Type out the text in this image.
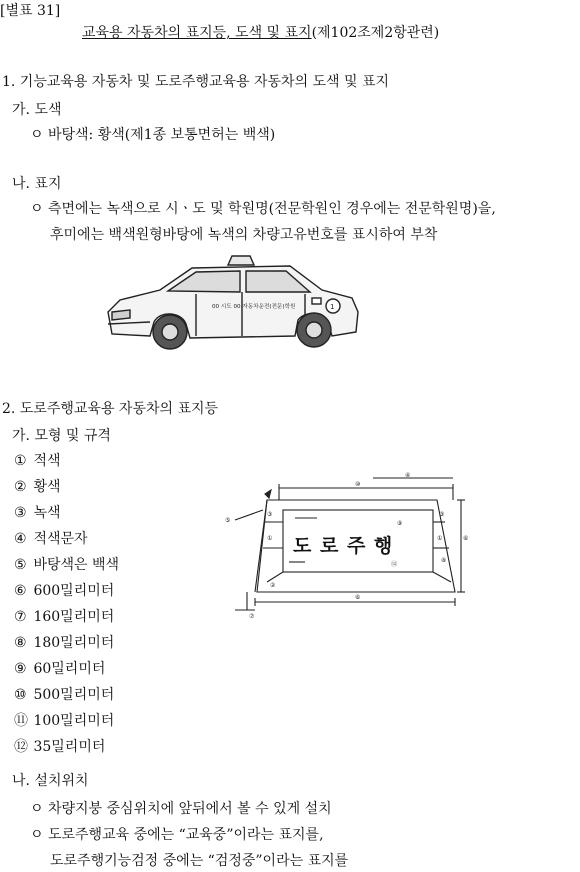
[별표 31]
교육용 자동차의 표지등, 도색 및 표지(제102조제2항관련)
1. 기능교육용 자동차 및 도로주행교육용 자동차의 도색 및 표지
가. 도색
ㅇ 바탕색: 황색(제1종 보통면허는 백색)
나. 표지
ㅇ 측면에는 녹색으로 시ㆍ도 및 학원명(전문학원인 경우에는 전문학원명)을,
후미에는 백색원형바탕에 녹색의 차량고유번호를 표시하여 부착
00 시도 00 자동차운전(전문)학원	1
2. 도로주행교육용 자동차의 표지등
가. 모형 및 규격
① 적색
② 황색
③ 녹색
④ 적색문자
⑤ 바탕색은 백색
⑥ 600밀리미터
⑦ 160밀리미터
⑧ 180밀리미터
⑨ 60밀리미터
⑩ 500밀리미터
⑪ 100밀리미터
⑫ 35밀리미터
⑤
⑩
④
⑥
⑥
⑦
②
③
①	①
③
⑨
⑫
⑧
도 로 주 행
나. 설치위치
ㅇ 차량지붕 중심위치에 앞뒤에서 볼 수 있게 설치
ㅇ 도로주행교육 중에는 “교육중”이라는 표지를,
도로주행기능검정 중에는 “검정중”이라는 표지를
